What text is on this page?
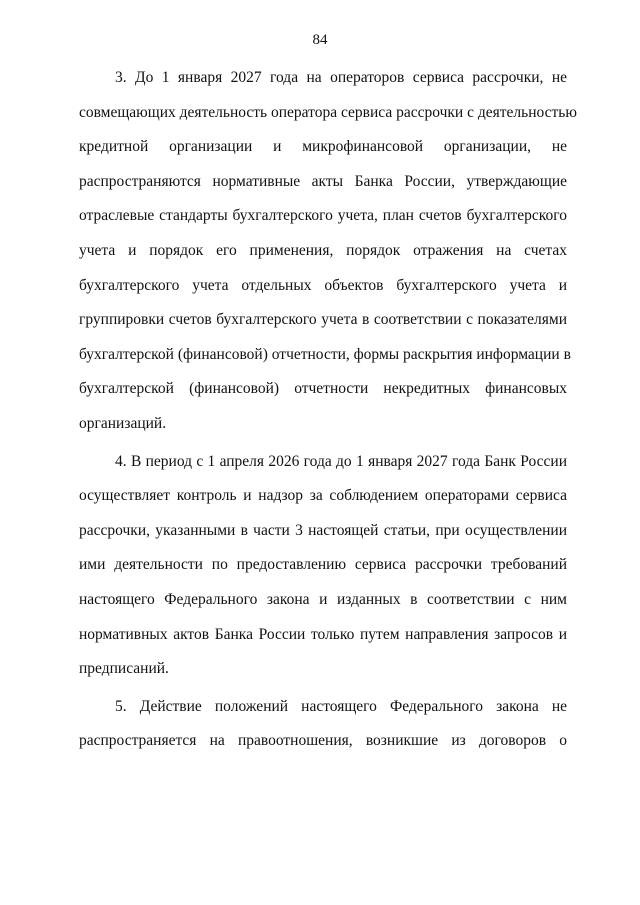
84
3. До 1 января 2027 года на операторов сервиса рассрочки, не
совмещающих деятельность оператора сервиса рассрочки с деятельностью
кредитной организации и микрофинансовой организации, не
распространяются нормативные акты Банка России, утверждающие
отраслевые стандарты бухгалтерского учета, план счетов бухгалтерского
учета и порядок его применения, порядок отражения на счетах
бухгалтерского учета отдельных объектов бухгалтерского учета и
группировки счетов бухгалтерского учета в соответствии с показателями
бухгалтерской (финансовой) отчетности, формы раскрытия информации в
бухгалтерской (финансовой) отчетности некредитных финансовых
организаций.
4. В период с 1 апреля 2026 года до 1 января 2027 года Банк России
осуществляет контроль и надзор за соблюдением операторами сервиса
рассрочки, указанными в части 3 настоящей статьи, при осуществлении
ими деятельности по предоставлению сервиса рассрочки требований
настоящего Федерального закона и изданных в соответствии с ним
нормативных актов Банка России только путем направления запросов и
предписаний.
5. Действие положений настоящего Федерального закона не
распространяется на правоотношения, возникшие из договоров о
